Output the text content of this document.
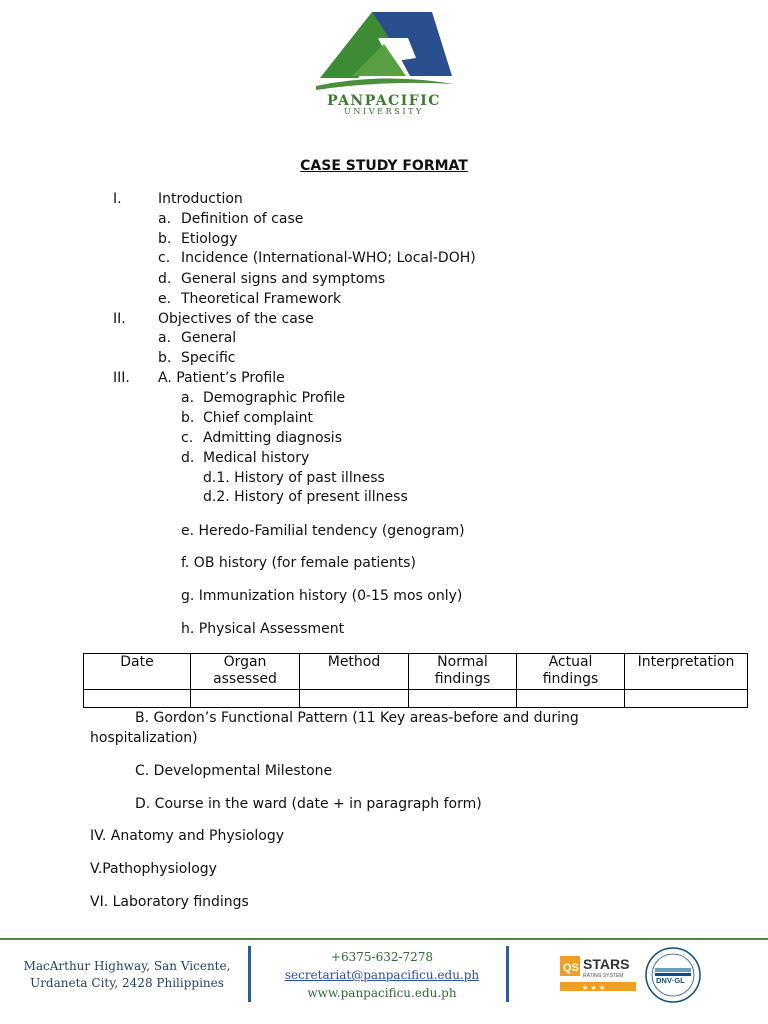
PANPACIFIC
UNIVERSITY
CASE STUDY FORMAT
I.	Introduction
a. Definition of case
b. Etiology
c. Incidence (International-WHO; Local-DOH)
d. General signs and symptoms
e. Theoretical Framework
II. Objectives of the case
a. General
b. Specific
III. A. Patient’s Profile
a. Demographic Profile
b. Chief complaint
c. Admitting diagnosis
d. Medical history
d.1. History of past illness
d.2. History of present illness
e. Heredo-Familial tendency (genogram)
f. OB history (for female patients)
g. Immunization history (0-15 mos only)
h. Physical Assessment
Date	Organ assessed	Method	Normal findings	Actual findings	Interpretation

B. Gordon’s Functional Pattern (11 Key areas-before and during
hospitalization)
C. Developmental Milestone
D. Course in the ward (date + in paragraph form)
IV. Anatomy and Physiology
V.Pathophysiology
VI. Laboratory findings
MacArthur Highway, San Vicente,
Urdaneta City, 2428 Philippines
+6375-632-7278
secretariat@panpacificu.edu.ph
www.panpacificu.edu.ph
QS STARS
RATING SYSTEM
★ ★ ★
DNV·GL
